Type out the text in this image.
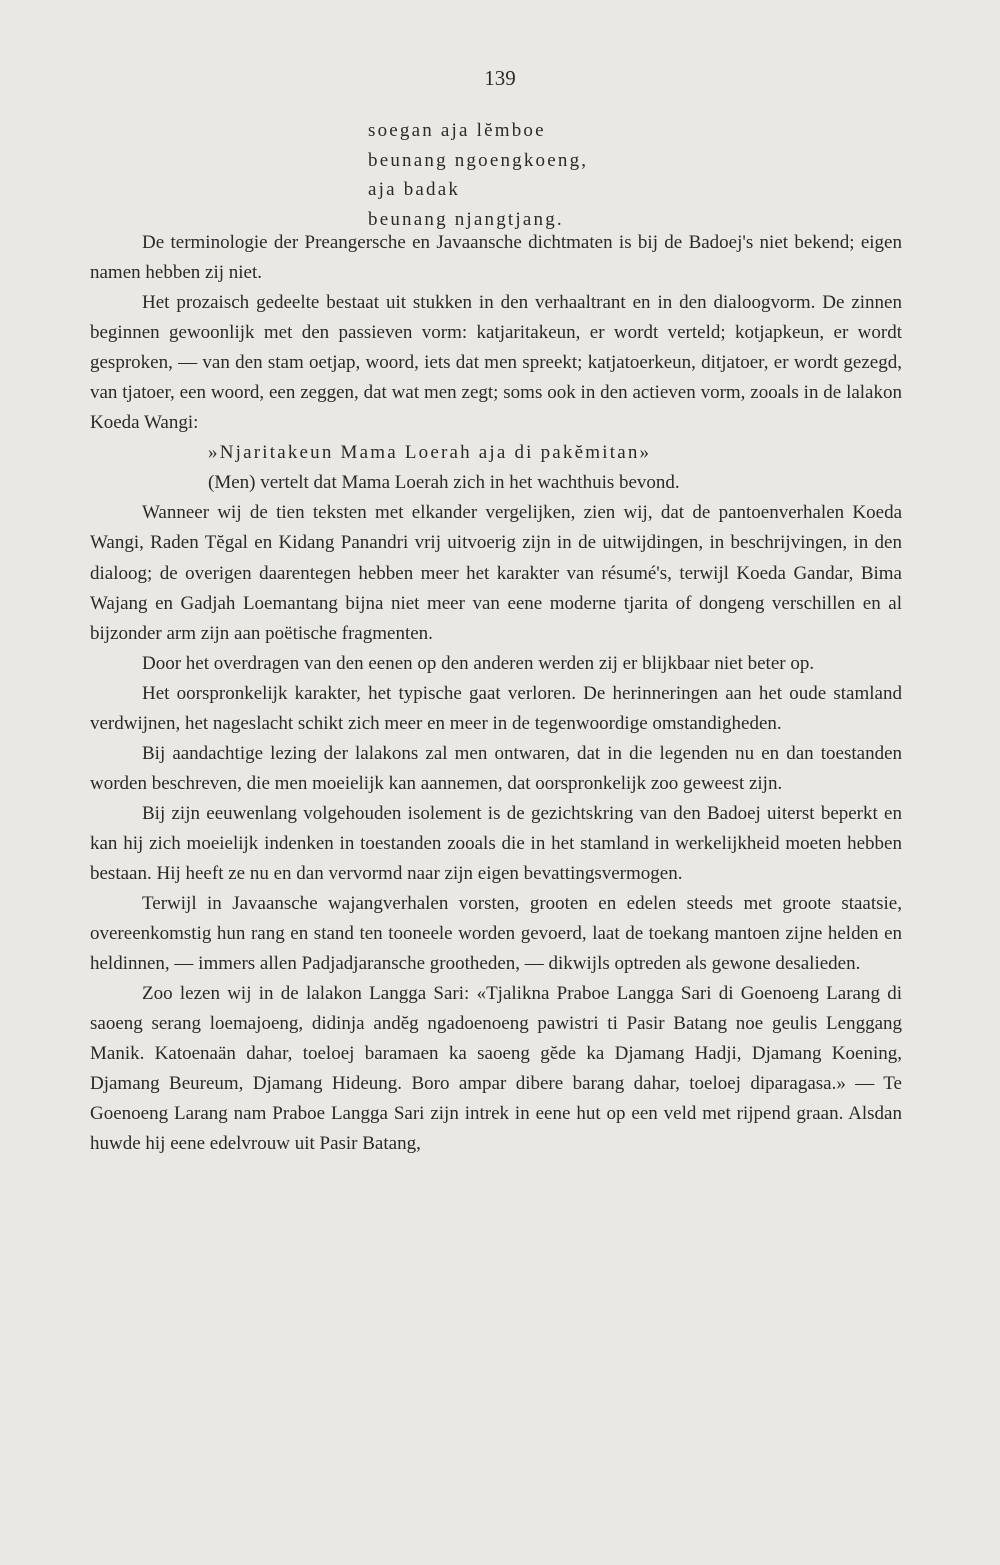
139
soegan aja lĕmboe
beunang ngoengkoeng,
aja badak
beunang njangtjang.

De terminologie der Preangersche en Javaansche dichtmaten is bij de Badoej's niet bekend; eigen namen hebben zij niet.

Het prozaisch gedeelte bestaat uit stukken in den verhaaltrant en in den dialoogvorm. De zinnen beginnen gewoonlijk met den passieven vorm: katjaritakeun, er wordt verteld; kotjapkeun, er wordt gesproken, — van den stam oetjap, woord, iets dat men spreekt; katjatoerkeun, ditjatoer, er wordt gezegd, van tjatoer, een woord, een zeggen, dat wat men zegt; soms ook in den actieven vorm, zooals in de lalakon Koeda Wangi:

»Njaritakeun Mama Loerah aja di pakĕmitan»

(Men) vertelt dat Mama Loerah zich in het wachthuis bevond.

Wanneer wij de tien teksten met elkander vergelijken, zien wij, dat de pantoenverhalen Koeda Wangi, Raden Tĕgal en Kidang Panandri vrij uitvoerig zijn in de uitwijdingen, in beschrijvingen, in den dialoog; de overigen daarentegen hebben meer het karakter van résumé's, terwijl Koeda Gandar, Bima Wajang en Gadjah Loemantang bijna niet meer van eene moderne tjarita of dongeng verschillen en al bijzonder arm zijn aan poëtische fragmenten.

Door het overdragen van den eenen op den anderen werden zij er blijkbaar niet beter op.

Het oorspronkelijk karakter, het typische gaat verloren. De herinneringen aan het oude stamland verdwijnen, het nageslacht schikt zich meer en meer in de tegenwoordige omstandigheden.

Bij aandachtige lezing der lalakons zal men ontwaren, dat in die legenden nu en dan toestanden worden beschreven, die men moeielijk kan aannemen, dat oorspronkelijk zoo geweest zijn.

Bij zijn eeuwenlang volgehouden isolement is de gezichtskring van den Badoej uiterst beperkt en kan hij zich moeielijk indenken in toestanden zooals die in het stamland in werkelijkheid moeten hebben bestaan. Hij heeft ze nu en dan vervormd naar zijn eigen bevattingsvermogen.

Terwijl in Javaansche wajangverhalen vorsten, grooten en edelen steeds met groote staatsie, overeenkomstig hun rang en stand ten tooneele worden gevoerd, laat de toekang mantoen zijne helden en heldinnen, — immers allen Padjadjaransche grootheden, — dikwijls optreden als gewone desalieden.

Zoo lezen wij in de lalakon Langga Sari: «Tjalikna Praboe Langga Sari di Goenoeng Larang di saoeng serang loemajoeng, didinja andĕg ngadoenoeng pawistri ti Pasir Batang noe geulis Lenggang Manik. Katoenaän dahar, toeloej baramaen ka saoeng gĕde ka Djamang Hadji, Djamang Koening, Djamang Beureum, Djamang Hideung. Boro ampar dibere barang dahar, toeloej diparagasa.» — Te Goenoeng Larang nam Praboe Langga Sari zijn intrek in eene hut op een veld met rijpend graan. Alsdan huwde hij eene edelvrouw uit Pasir Batang,
